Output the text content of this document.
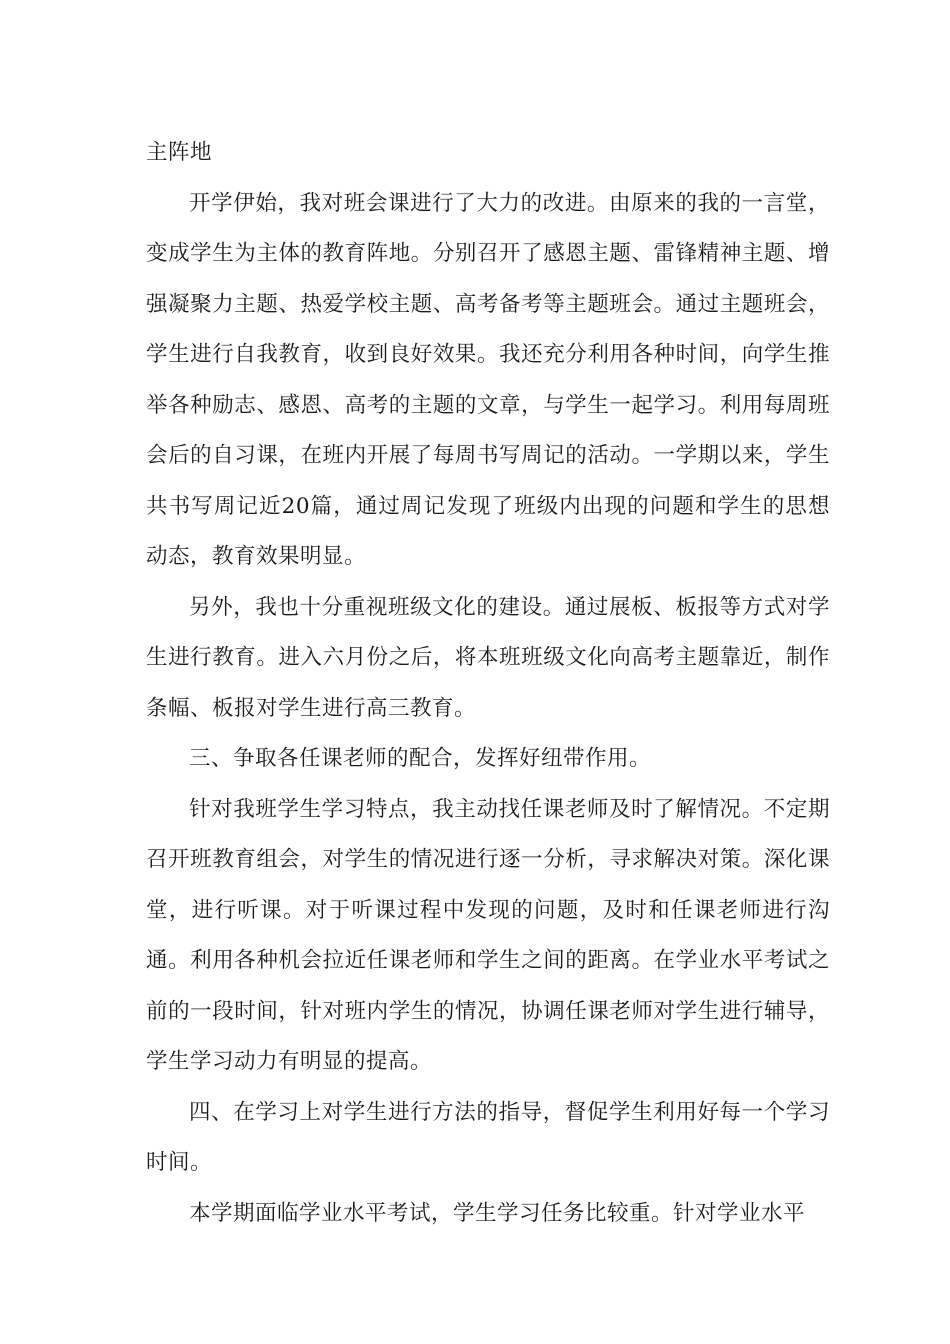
主阵地

开学伊始，我对班会课进行了大力的改进。由原来的我的一言堂，变成学生为主体的教育阵地。分别召开了感恩主题、雷锋精神主题、增强凝聚力主题、热爱学校主题、高考备考等主题班会。通过主题班会，学生进行自我教育，收到良好效果。我还充分利用各种时间，向学生推举各种励志、感恩、高考的主题的文章，与学生一起学习。利用每周班会后的自习课，在班内开展了每周书写周记的活动。一学期以来，学生共书写周记近20篇，通过周记发现了班级内出现的问题和学生的思想动态，教育效果明显。

另外，我也十分重视班级文化的建设。通过展板、板报等方式对学生进行教育。进入六月份之后，将本班班级文化向高考主题靠近，制作条幅、板报对学生进行高三教育。

三、争取各任课老师的配合，发挥好纽带作用。

针对我班学生学习特点，我主动找任课老师及时了解情况。不定期召开班教育组会，对学生的情况进行逐一分析，寻求解决对策。深化课堂，进行听课。对于听课过程中发现的问题，及时和任课老师进行沟通。利用各种机会拉近任课老师和学生之间的距离。在学业水平考试之前的一段时间，针对班内学生的情况，协调任课老师对学生进行辅导，学生学习动力有明显的提高。

四、在学习上对学生进行方法的指导，督促学生利用好每一个学习时间。

本学期面临学业水平考试，学生学习任务比较重。针对学业水平
